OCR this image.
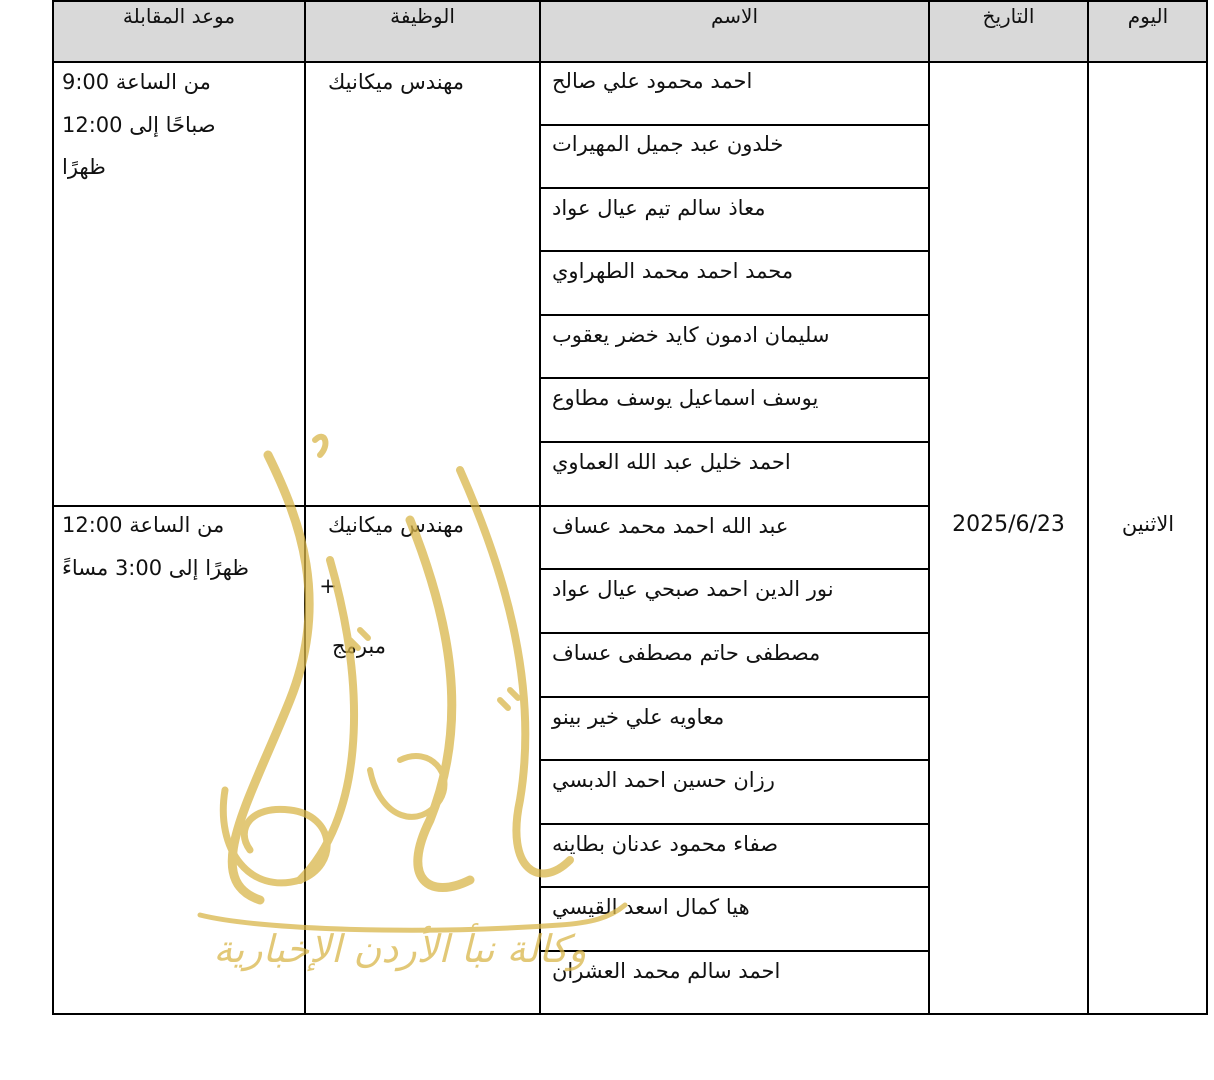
اليوم
التاريخ
الاسم
الوظيفة
موعد المقابلة
الاثنين
2025/6/23
مهندس ميكانيك
من الساعة 9:00
صباحًا إلى 12:00
ظهرًا
مهندس ميكانيك
+
مبرمج
من الساعة 12:00
ظهرًا إلى 3:00 مساءً
احمد محمود علي صالح
خلدون عبد جميل المهيرات
معاذ سالم تيم عيال عواد
محمد احمد محمد الطهراوي
سليمان ادمون كايد خضر يعقوب
يوسف اسماعيل يوسف مطاوع
احمد خليل عبد الله العماوي
عبد الله احمد محمد عساف
نور الدين احمد صبحي عيال عواد
مصطفى حاتم مصطفى عساف
معاويه علي خير بينو
رزان حسين احمد الدبسي
صفاء محمود عدنان بطاينه
هيا كمال اسعد القيسي
احمد سالم محمد العشران
وكالة نبأ الأردن الإخبارية
